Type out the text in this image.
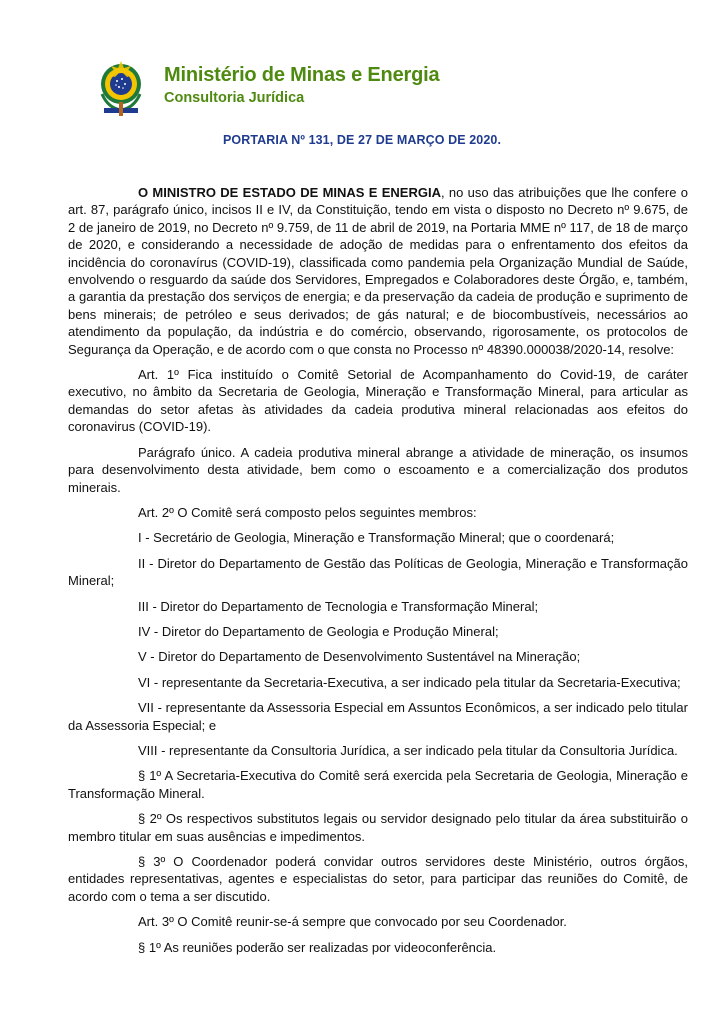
Ministério de Minas e Energia
Consultoria Jurídica
PORTARIA Nº 131, DE 27 DE MARÇO DE 2020.

O MINISTRO DE ESTADO DE MINAS E ENERGIA, no uso das atribuições que lhe confere o art. 87, parágrafo único, incisos II e IV, da Constituição, tendo em vista o disposto no Decreto nº 9.675, de 2 de janeiro de 2019, no Decreto nº 9.759, de 11 de abril de 2019, na Portaria MME nº 117, de 18 de março de 2020, e considerando a necessidade de adoção de medidas para o enfrentamento dos efeitos da incidência do coronavírus (COVID-19), classificada como pandemia pela Organização Mundial de Saúde, envolvendo o resguardo da saúde dos Servidores, Empregados e Colaboradores deste Órgão, e, também, a garantia da prestação dos serviços de energia; e da preservação da cadeia de produção e suprimento de bens minerais; de petróleo e seus derivados; de gás natural; e de biocombustíveis, necessários ao atendimento da população, da indústria e do comércio, observando, rigorosamente, os protocolos de Segurança da Operação, e de acordo com o que consta no Processo nº 48390.000038/2020-14, resolve:

Art. 1º Fica instituído o Comitê Setorial de Acompanhamento do Covid-19, de caráter executivo, no âmbito da Secretaria de Geologia, Mineração e Transformação Mineral, para articular as demandas do setor afetas às atividades da cadeia produtiva mineral relacionadas aos efeitos do coronavirus (COVID-19).

Parágrafo único. A cadeia produtiva mineral abrange a atividade de mineração, os insumos para desenvolvimento desta atividade, bem como o escoamento e a comercialização dos produtos minerais.

Art. 2º O Comitê será composto pelos seguintes membros:

I - Secretário de Geologia, Mineração e Transformação Mineral; que o coordenará;

II - Diretor do Departamento de Gestão das Políticas de Geologia, Mineração e Transformação Mineral;

III - Diretor do Departamento de Tecnologia e Transformação Mineral;

IV - Diretor do Departamento de Geologia e Produção Mineral;

V - Diretor do Departamento de Desenvolvimento Sustentável na Mineração;

VI - representante da Secretaria-Executiva, a ser indicado pela titular da Secretaria-Executiva;

VII - representante da Assessoria Especial em Assuntos Econômicos, a ser indicado pelo titular da Assessoria Especial; e

VIII - representante da Consultoria Jurídica, a ser indicado pela titular da Consultoria Jurídica.

§ 1º A Secretaria-Executiva do Comitê será exercida pela Secretaria de Geologia, Mineração e Transformação Mineral.

§ 2º Os respectivos substitutos legais ou servidor designado pelo titular da área substituirão o membro titular em suas ausências e impedimentos.

§ 3º O Coordenador poderá convidar outros servidores deste Ministério, outros órgãos, entidades representativas, agentes e especialistas do setor, para participar das reuniões do Comitê, de acordo com o tema a ser discutido.

Art. 3º O Comitê reunir-se-á sempre que convocado por seu Coordenador.

§ 1º As reuniões poderão ser realizadas por videoconferência.
